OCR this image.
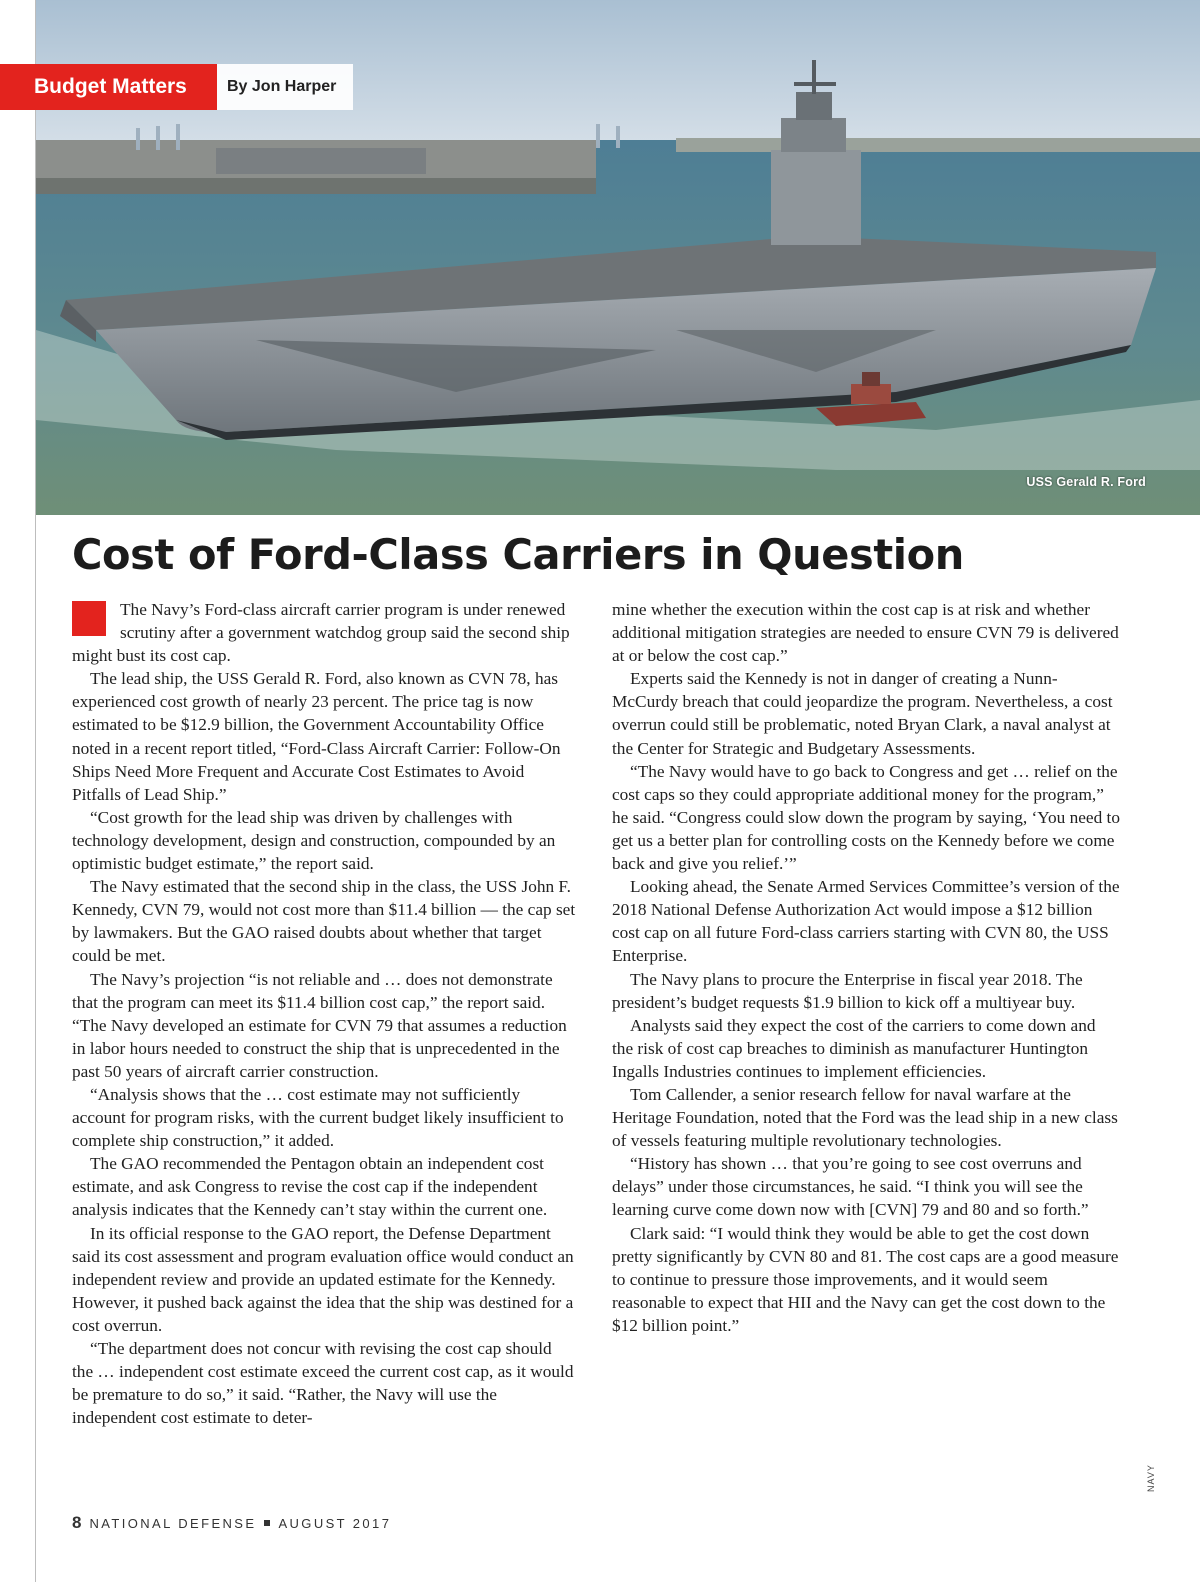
Budget Matters	By Jon Harper
USS Gerald R. Ford
Cost of Ford-Class Carriers in Question

The Navy’s Ford-class aircraft carrier program is under renewed scrutiny after a government watchdog group said the second ship might bust its cost cap.

The lead ship, the USS Gerald R. Ford, also known as CVN 78, has experienced cost growth of nearly 23 percent. The price tag is now estimated to be $12.9 billion, the Government Accountability Office noted in a recent report titled, “Ford-Class Aircraft Carrier: Follow-On Ships Need More Frequent and Accurate Cost Estimates to Avoid Pitfalls of Lead Ship.”

“Cost growth for the lead ship was driven by challenges with technology development, design and construction, compounded by an optimistic budget estimate,” the report said.

The Navy estimated that the second ship in the class, the USS John F. Kennedy, CVN 79, would not cost more than $11.4 billion — the cap set by lawmakers. But the GAO raised doubts about whether that target could be met.

The Navy’s projection “is not reliable and … does not demonstrate that the program can meet its $11.4 billion cost cap,” the report said. “The Navy developed an estimate for CVN 79 that assumes a reduction in labor hours needed to construct the ship that is unprecedented in the past 50 years of aircraft carrier construction.

“Analysis shows that the … cost estimate may not sufficiently account for program risks, with the current budget likely insufficient to complete ship construction,” it added.

The GAO recommended the Pentagon obtain an independent cost estimate, and ask Congress to revise the cost cap if the independent analysis indicates that the Kennedy can’t stay within the current one.

In its official response to the GAO report, the Defense Department said its cost assessment and program evaluation office would conduct an independent review and provide an updated estimate for the Kennedy. However, it pushed back against the idea that the ship was destined for a cost overrun.

“The department does not concur with revising the cost cap should the … independent cost estimate exceed the current cost cap, as it would be premature to do so,” it said. “Rather, the Navy will use the independent cost estimate to deter-

mine whether the execution within the cost cap is at risk and whether additional mitigation strategies are needed to ensure CVN 79 is delivered at or below the cost cap.”

Experts said the Kennedy is not in danger of creating a Nunn-McCurdy breach that could jeopardize the program. Nevertheless, a cost overrun could still be problematic, noted Bryan Clark, a naval analyst at the Center for Strategic and Budgetary Assessments.

“The Navy would have to go back to Congress and get … relief on the cost caps so they could appropriate additional money for the program,” he said. “Congress could slow down the program by saying, ‘You need to get us a better plan for controlling costs on the Kennedy before we come back and give you relief.’”

Looking ahead, the Senate Armed Services Committee’s version of the 2018 National Defense Authorization Act would impose a $12 billion cost cap on all future Ford-class carriers starting with CVN 80, the USS Enterprise.

The Navy plans to procure the Enterprise in fiscal year 2018. The president’s budget requests $1.9 billion to kick off a multiyear buy.

Analysts said they expect the cost of the carriers to come down and the risk of cost cap breaches to diminish as manufacturer Huntington Ingalls Industries continues to implement efficiencies.

Tom Callender, a senior research fellow for naval warfare at the Heritage Foundation, noted that the Ford was the lead ship in a new class of vessels featuring multiple revolutionary technologies.

“History has shown … that you’re going to see cost overruns and delays” under those circumstances, he said. “I think you will see the learning curve come down now with [CVN] 79 and 80 and so forth.”

Clark said: “I would think they would be able to get the cost down pretty significantly by CVN 80 and 81. The cost caps are a good measure to continue to pressure those improvements, and it would seem reasonable to expect that HII and the Navy can get the cost down to the $12 billion point.”

NAVY
8 NATIONAL DEFENSE AUGUST 2017
